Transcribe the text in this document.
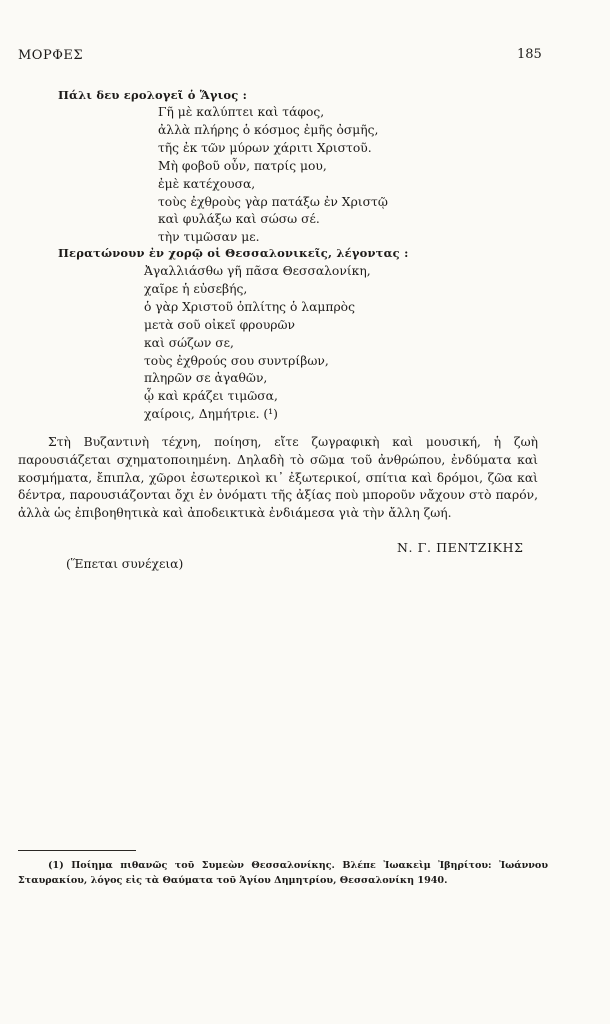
ΜΟΡΦΕΣ	185
Πάλι δευ ερολογεῖ ὁ Ἅγιος :
Γῆ μὲ καλύπτει καὶ τάφος,
ἀλλὰ πλήρης ὁ κόσμος ἐμῆς ὀσμῆς,
τῆς ἐκ τῶν μύρων χάριτι Χριστοῦ.
Μὴ φοβοῦ οὖν, πατρίς μου,
ἐμὲ κατέχουσα,
τοὺς ἐχθροὺς γὰρ πατάξω ἐν Χριστῷ
καὶ φυλάξω καὶ σώσω σέ.
τὴν τιμῶσαν με.
Περατώνουν ἐν χορῷ οἱ Θεσσαλονικεῖς, λέγοντας :
Ἀγαλλιάσθω γῆ πᾶσα Θεσσαλονίκη,
χαῖρε ἡ εὐσεβής,
ὁ γὰρ Χριστοῦ ὁπλίτης ὁ λαμπρὸς
μετὰ σοῦ οἰκεῖ φρουρῶν
καὶ σώζων σε,
τοὺς ἐχθρούς σου συντρίβων,
πληρῶν σε ἀγαθῶν,
ᾧ καὶ κράζει τιμῶσα,
χαίροις, Δημήτριε. (¹)

Στὴ Βυζαντινὴ τέχνη, ποίηση, εἴτε ζωγραφικὴ καὶ μουσική, ἡ ζωὴ παρουσιάζεται σχηματοποιημένη. Δηλαδὴ τὸ σῶμα τοῦ ἀνθρώπου, ἐνδύματα καὶ κοσμήματα, ἔπιπλα, χῶροι ἐσωτερικοὶ κι᾽ ἐξωτερικοί, σπίτια καὶ δρόμοι, ζῶα καὶ δέντρα, παρουσιάζονται ὄχι ἐν ὀνόματι τῆς ἀξίας ποὺ μποροῦν νἄχουν στὸ παρόν, ἀλλὰ ὡς ἐπιβοηθητικὰ καὶ ἀποδεικτικὰ ἐνδιάμεσα γιὰ τὴν ἄλλη ζωή.

Ν. Γ. ΠΕΝΤΖΙΚΗΣ
(Ἕπεται συνέχεια)

(1) Ποίημα πιθανῶς τοῦ Συμεὼν Θεσσαλονίκης. Βλέπε Ἰωακεὶμ Ἰβηρίτου: Ἰωάννου Σταυρακίου, λόγος εἰς τὰ Θαύματα τοῦ Ἁγίου Δημητρίου, Θεσσαλονίκη 1940.
